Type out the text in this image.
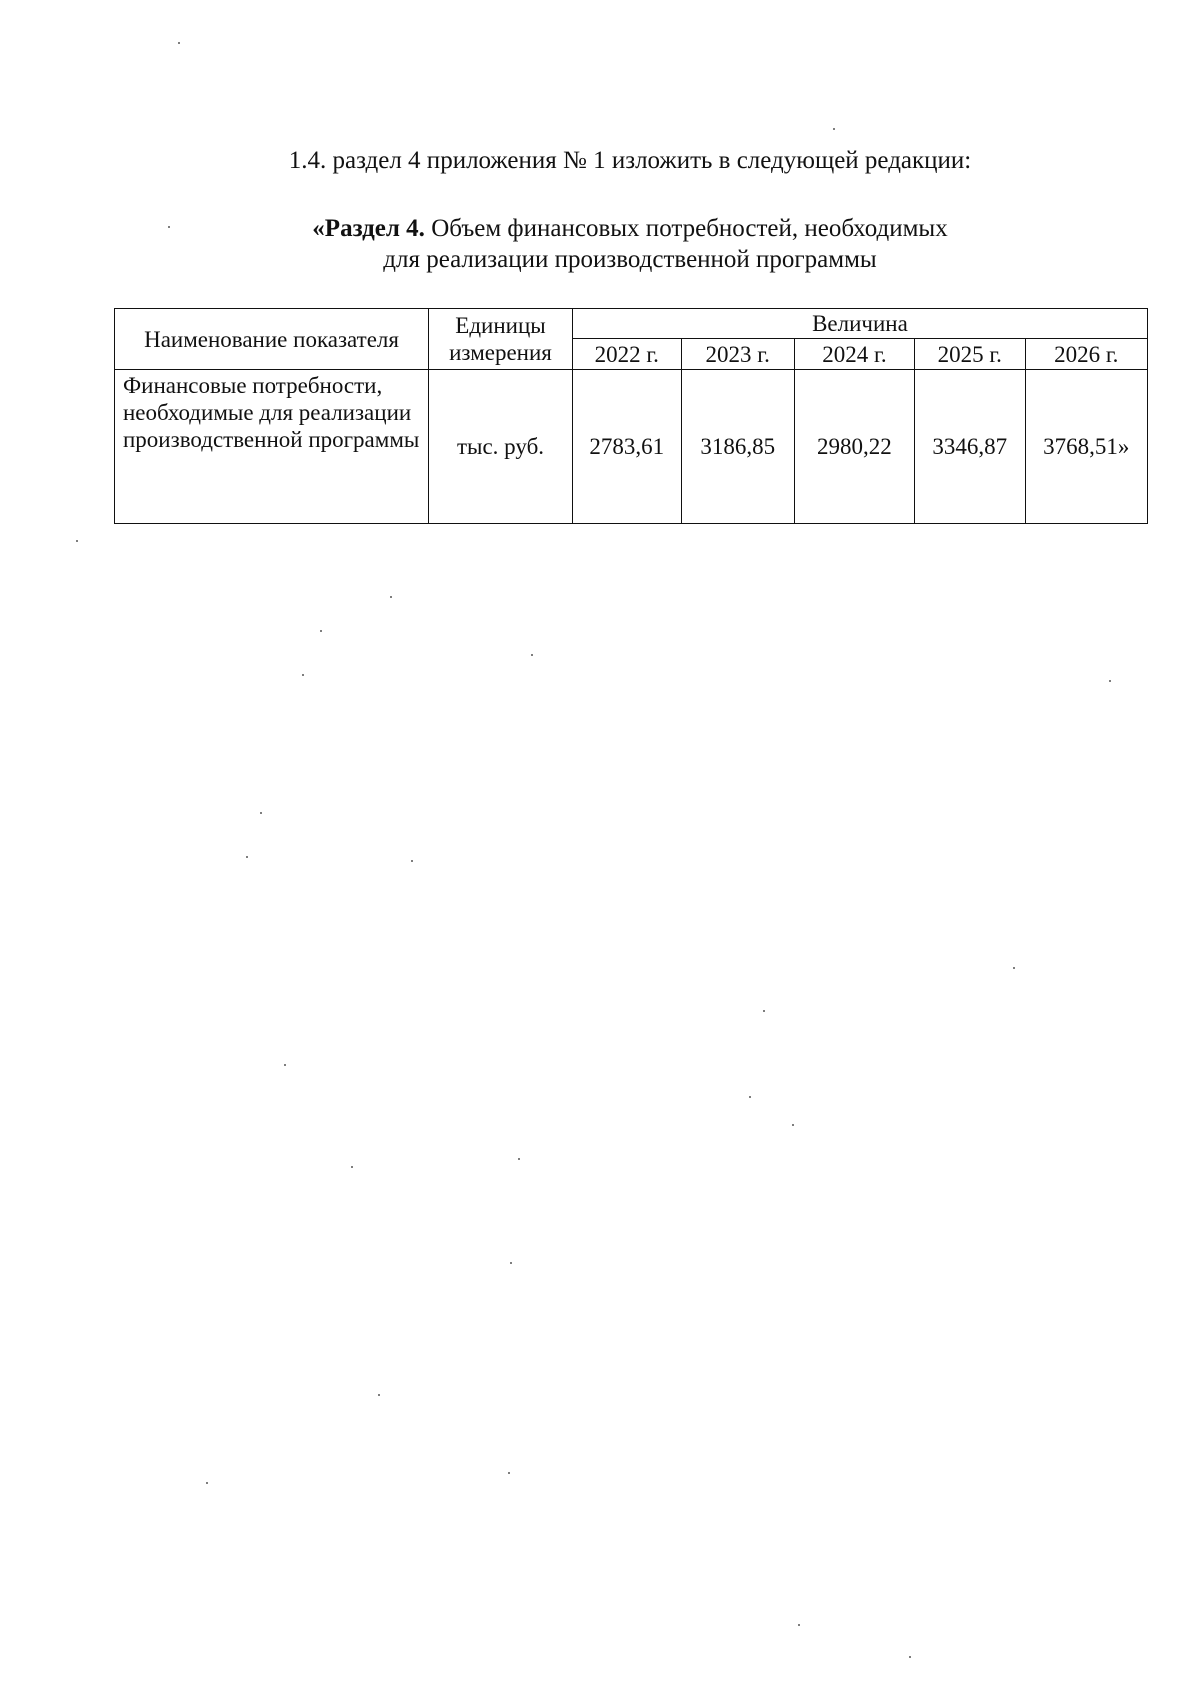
1.4. раздел 4 приложения № 1 изложить в следующей редакции:
«Раздел 4. Объем финансовых потребностей, необходимых
для реализации производственной программы
Наименование показателя	Единицы измерения	Величина				
		2022 г.	2023 г.	2024 г.	2025 г.	2026 г.
Финансовые потребности, необходимые для реализации производственной программы	тыс. руб.	2783,61	3186,85	2980,22	3346,87	3768,51»
